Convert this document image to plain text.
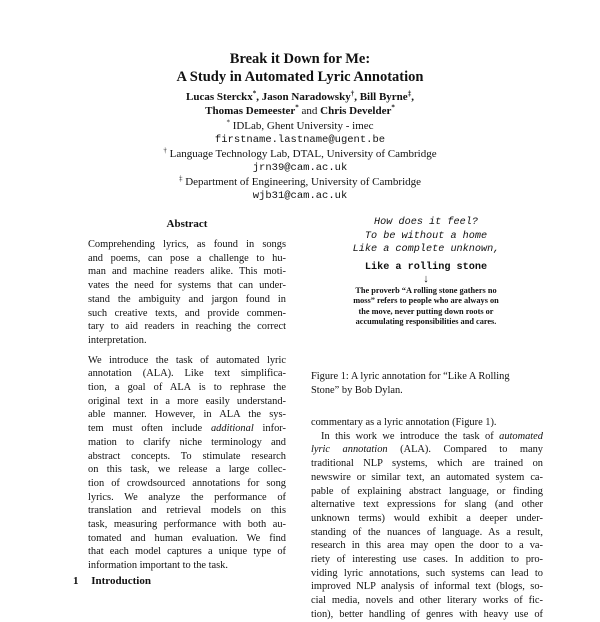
Break it Down for Me:
A Study in Automated Lyric Annotation
Lucas Sterckx*, Jason Naradowsky†, Bill Byrne‡,
Thomas Demeester* and Chris Develder*
* IDLab, Ghent University - imec
firstname.lastname@ugent.be
† Language Technology Lab, DTAL, University of Cambridge
jrn39@cam.ac.uk
‡ Department of Engineering, University of Cambridge
wjb31@cam.ac.uk
Abstract

Comprehending lyrics, as found in songs
and poems, can pose a challenge to hu-
man and machine readers alike. This moti-
vates the need for systems that can under-
stand the ambiguity and jargon found in
such creative texts, and provide commen-
tary to aid readers in reaching the correct
interpretation.

We introduce the task of automated lyric
annotation (ALA). Like text simplifica-
tion, a goal of ALA is to rephrase the
original text in a more easily understand-
able manner. However, in ALA the sys-
tem must often include additional infor-
mation to clarify niche terminology and
abstract concepts. To stimulate research
on this task, we release a large collec-
tion of crowdsourced annotations for song
lyrics. We analyze the performance of
translation and retrieval models on this
task, measuring performance with both au-
tomated and human evaluation. We find
that each model captures a unique type of
information important to the task.

1 Introduction
How does it feel?
To be without a home
Like a complete unknown,
Like a rolling stone
↓
The proverb “A rolling stone gathers no
moss” refers to people who are always on
the move, never putting down roots or
accumulating responsibilities and cares.
Figure 1: A lyric annotation for “Like A Rolling
Stone” by Bob Dylan.
commentary as a lyric annotation (Figure 1).
In this work we introduce the task of automated
lyric annotation (ALA). Compared to many
traditional NLP systems, which are trained on
newswire or similar text, an automated system ca-
pable of explaining abstract language, or finding
alternative text expressions for slang (and other
unknown terms) would exhibit a deeper under-
standing of the nuances of language. As a result,
research in this area may open the door to a va-
riety of interesting use cases. In addition to pro-
viding lyric annotations, such systems can lead to
improved NLP analysis of informal text (blogs, so-
cial media, novels and other literary works of fic-
tion), better handling of genres with heavy use of
